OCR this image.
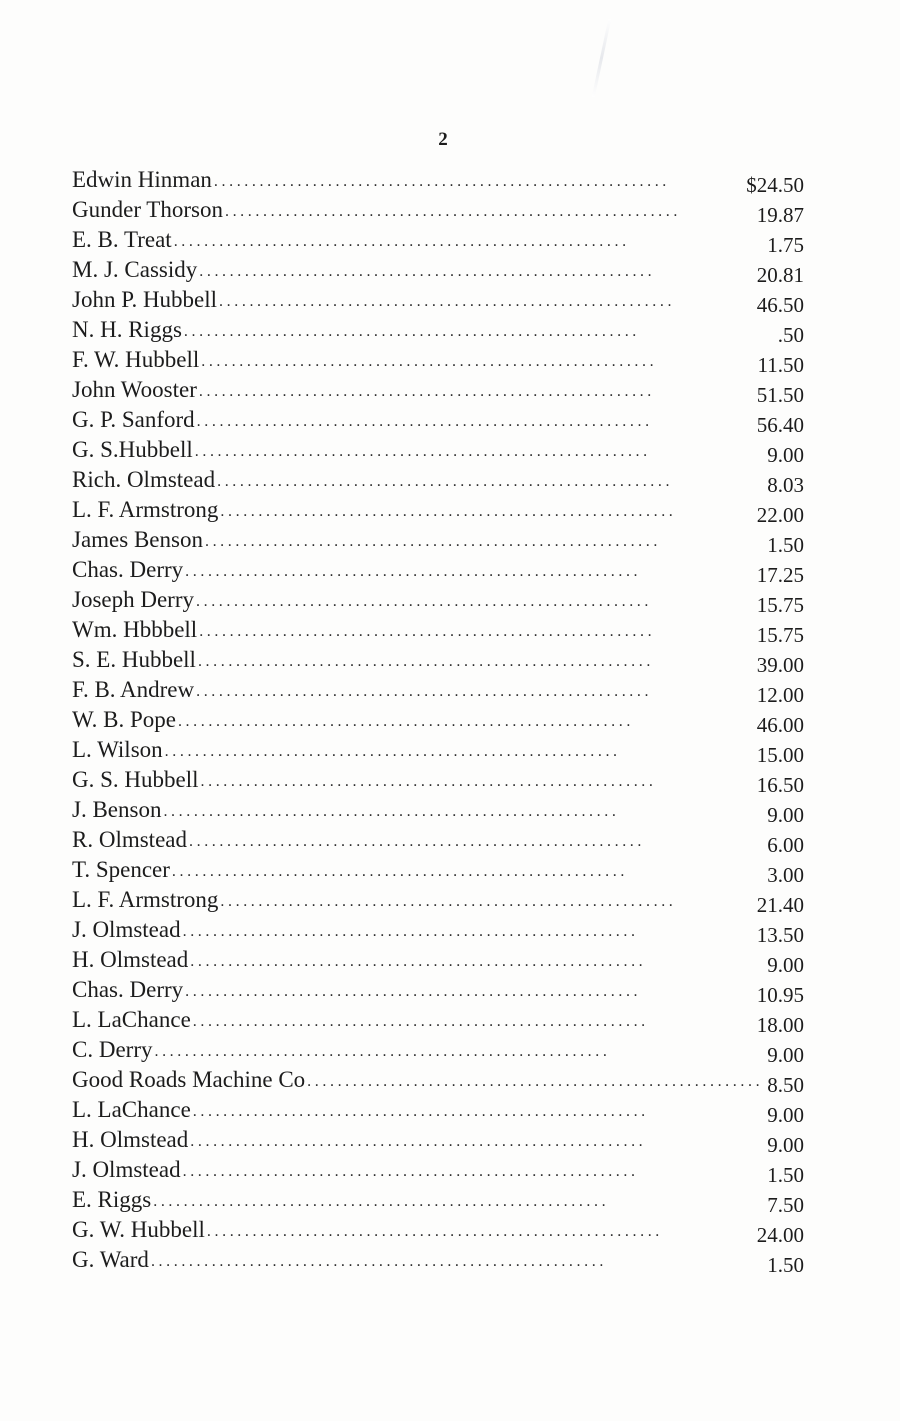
2
Edwin Hinman ............................................................	$24.50
Gunder Thorson ............................................................	19.87
E. B. Treat ............................................................	1.75
M. J. Cassidy ............................................................	20.81
John P. Hubbell ............................................................	46.50
N. H. Riggs ............................................................	.50
F. W. Hubbell ............................................................	11.50
John Wooster ............................................................	51.50
G. P. Sanford ............................................................	56.40
G. S.Hubbell ............................................................	9.00
Rich. Olmstead ............................................................	8.03
L. F. Armstrong ............................................................	22.00
James Benson ............................................................	1.50
Chas. Derry ............................................................	17.25
Joseph Derry ............................................................	15.75
Wm. Hbbbell ............................................................	15.75
S. E. Hubbell ............................................................	39.00
F. B. Andrew ............................................................	12.00
W. B. Pope ............................................................	46.00
L. Wilson ............................................................	15.00
G. S. Hubbell ............................................................	16.50
J. Benson ............................................................	9.00
R. Olmstead ............................................................	6.00
T. Spencer ............................................................	3.00
L. F. Armstrong ............................................................	21.40
J. Olmstead ............................................................	13.50
H. Olmstead ............................................................	9.00
Chas. Derry ............................................................	10.95
L. LaChance ............................................................	18.00
C. Derry ............................................................	9.00
Good Roads Machine Co ............................................................ 8.50
L. LaChance ............................................................	9.00
H. Olmstead ............................................................	9.00
J. Olmstead ............................................................	1.50
E. Riggs ............................................................	7.50
G. W. Hubbell ............................................................	24.00
G. Ward ............................................................	1.50
